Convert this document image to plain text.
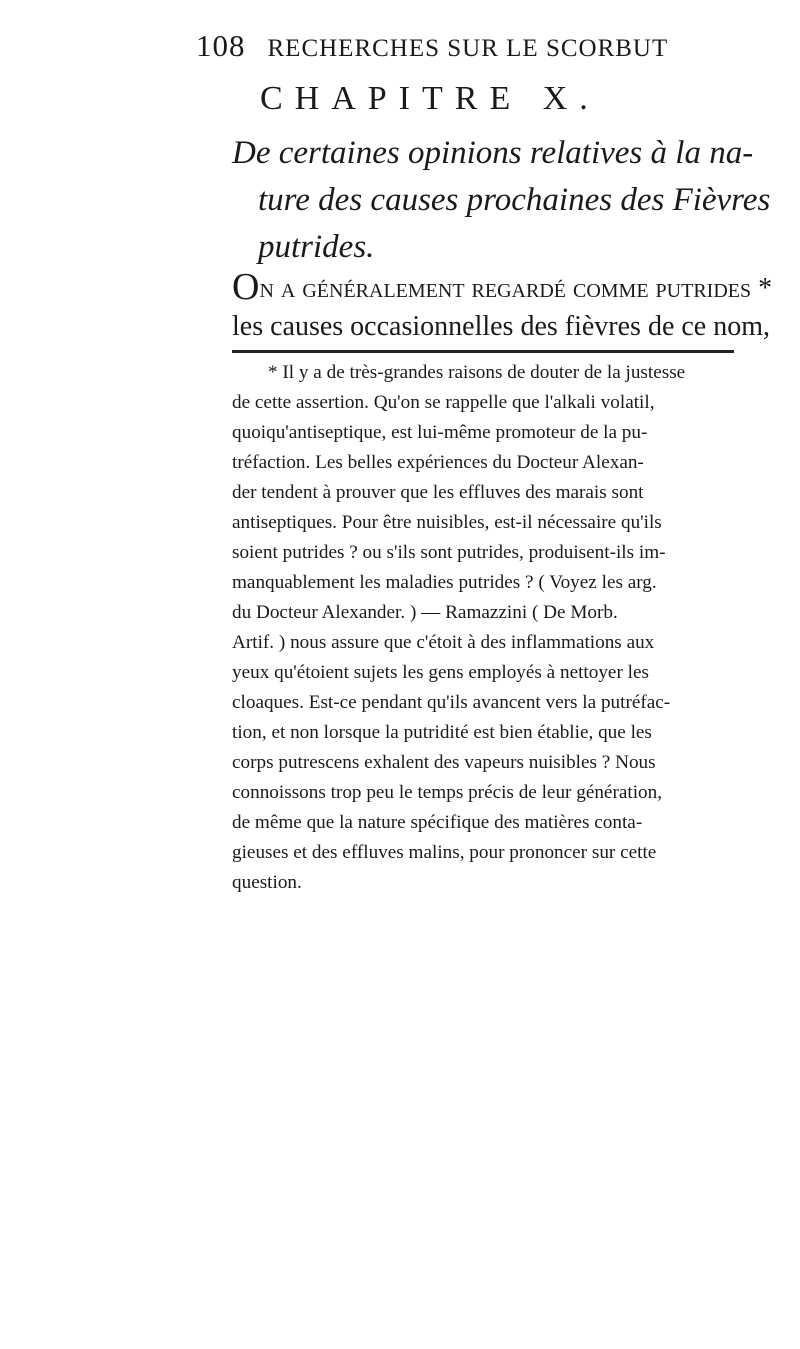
108 RECHERCHES SUR LE SCORBUT
CHAPITRE X.

De certaines opinions relatives à la na-

ture des causes prochaines des Fièvres

putrides.

On a généralement regardé comme putrides *

les causes occasionnelles des fièvres de ce nom,

* Il y a de très-grandes raisons de douter de la justesse

de cette assertion. Qu'on se rappelle que l'alkali volatil,

quoiqu'antiseptique, est lui-même promoteur de la pu-

tréfaction. Les belles expériences du Docteur Alexan-

der tendent à prouver que les effluves des marais sont

antiseptiques. Pour être nuisibles, est-il nécessaire qu'ils

soient putrides ? ou s'ils sont putrides, produisent-ils im-

manquablement les maladies putrides ? ( Voyez les arg.

du Docteur Alexander. ) — Ramazzini ( De Morb.

Artif. ) nous assure que c'étoit à des inflammations aux

yeux qu'étoient sujets les gens employés à nettoyer les

cloaques. Est-ce pendant qu'ils avancent vers la putréfac-

tion, et non lorsque la putridité est bien établie, que les

corps putrescens exhalent des vapeurs nuisibles ? Nous

connoissons trop peu le temps précis de leur génération,

de même que la nature spécifique des matières conta-

gieuses et des effluves malins, pour prononcer sur cette

question.
